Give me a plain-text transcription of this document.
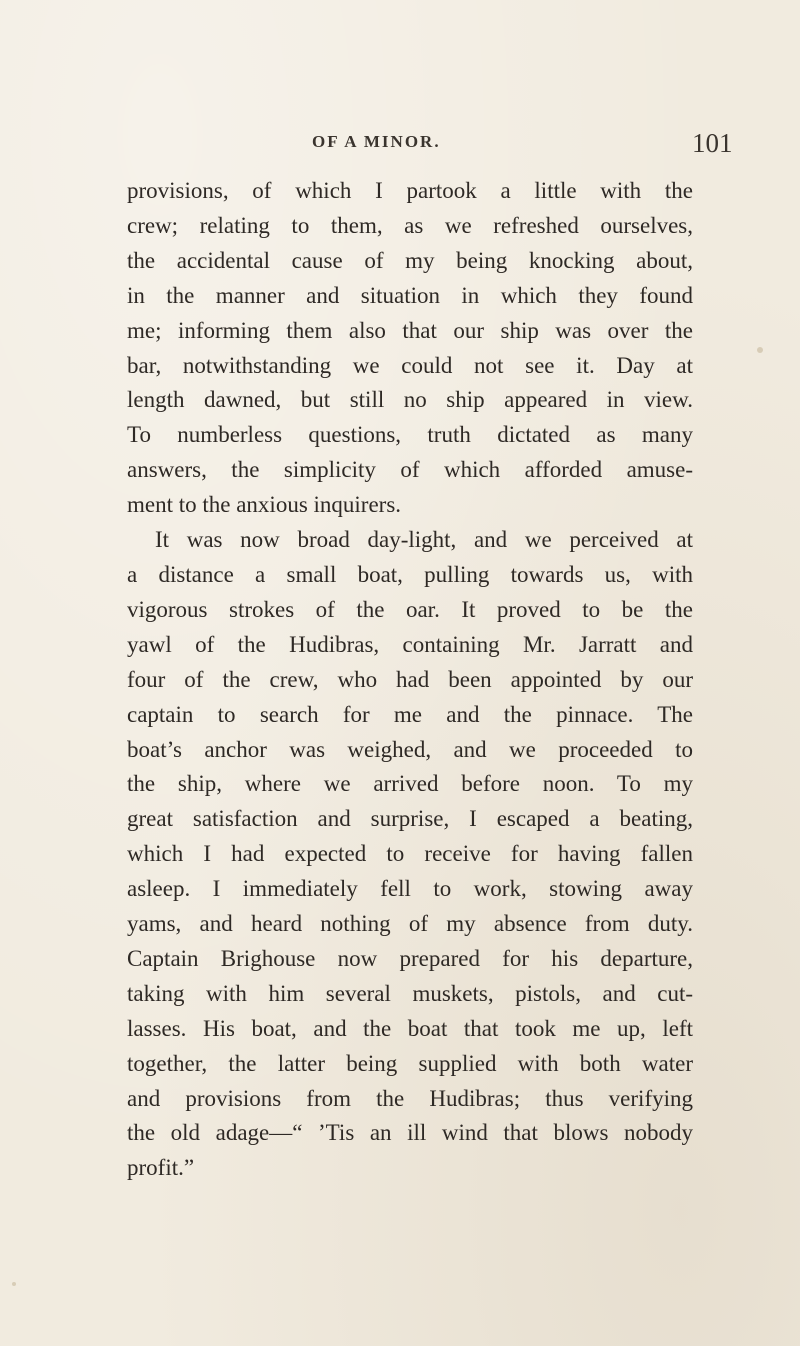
OF A MINOR.	101
provisions, of which I partook a little with the
crew; relating to them, as we refreshed ourselves,
the accidental cause of my being knocking about,
in the manner and situation in which they found
me; informing them also that our ship was over the
bar, notwithstanding we could not see it. Day at
length dawned, but still no ship appeared in view.
To numberless questions, truth dictated as many
answers, the simplicity of which afforded amuse-
ment to the anxious inquirers.
It was now broad day-light, and we perceived at
a distance a small boat, pulling towards us, with
vigorous strokes of the oar. It proved to be the
yawl of the Hudibras, containing Mr. Jarratt and
four of the crew, who had been appointed by our
captain to search for me and the pinnace. The
boat’s anchor was weighed, and we proceeded to
the ship, where we arrived before noon. To my
great satisfaction and surprise, I escaped a beating,
which I had expected to receive for having fallen
asleep. I immediately fell to work, stowing away
yams, and heard nothing of my absence from duty.
Captain Brighouse now prepared for his departure,
taking with him several muskets, pistols, and cut-
lasses. His boat, and the boat that took me up, left
together, the latter being supplied with both water
and provisions from the Hudibras; thus verifying
the old adage—“ ’Tis an ill wind that blows nobody
profit.”
